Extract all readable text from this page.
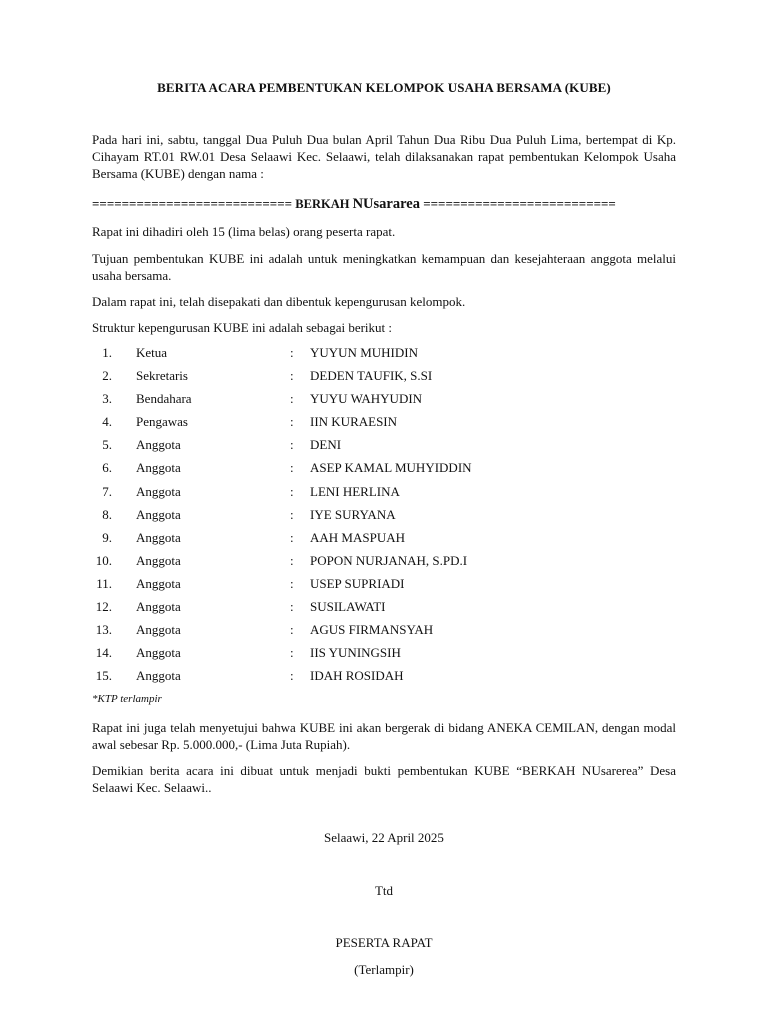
BERITA ACARA PEMBENTUKAN KELOMPOK USAHA BERSAMA (KUBE)

Pada hari ini, sabtu, tanggal Dua Puluh Dua bulan April Tahun Dua Ribu Dua Puluh Lima, bertempat di Kp. Cihayam RT.01 RW.01 Desa Selaawi Kec. Selaawi, telah dilaksanakan rapat pembentukan Kelompok Usaha Bersama (KUBE) dengan nama :

=========================== BERKAH NUsararea ==========================

Rapat ini dihadiri oleh 15 (lima belas) orang peserta rapat.

Tujuan pembentukan KUBE ini adalah untuk meningkatkan kemampuan dan kesejahteraan anggota melalui usaha bersama.

Dalam rapat ini, telah disepakati dan dibentuk kepengurusan kelompok.

Struktur kepengurusan KUBE ini adalah sebagai berikut :

1. Ketua	: YUYUN MUHIDIN
2. Sekretaris	: DEDEN TAUFIK, S.SI
3. Bendahara	: YUYU WAHYUDIN
4. Pengawas	: IIN KURAESIN
5. Anggota	: DENI
6. Anggota	: ASEP KAMAL MUHYIDDIN
7. Anggota	: LENI HERLINA
8. Anggota	: IYE SURYANA
9. Anggota	: AAH MASPUAH
10. Anggota	: POPON NURJANAH, S.PD.I
11. Anggota	: USEP SUPRIADI
12. Anggota	: SUSILAWATI
13. Anggota	: AGUS FIRMANSYAH
14. Anggota	: IIS YUNINGSIH
15. Anggota	: IDAH ROSIDAH
*KTP terlampir

Rapat ini juga telah menyetujui bahwa KUBE ini akan bergerak di bidang ANEKA CEMILAN, dengan modal awal sebesar Rp. 5.000.000,- (Lima Juta Rupiah).

Demikian berita acara ini dibuat untuk menjadi bukti pembentukan KUBE “BERKAH NUsarerea” Desa Selaawi Kec. Selaawi..

Selaawi, 22 April 2025
Ttd
PESERTA RAPAT
(Terlampir)
